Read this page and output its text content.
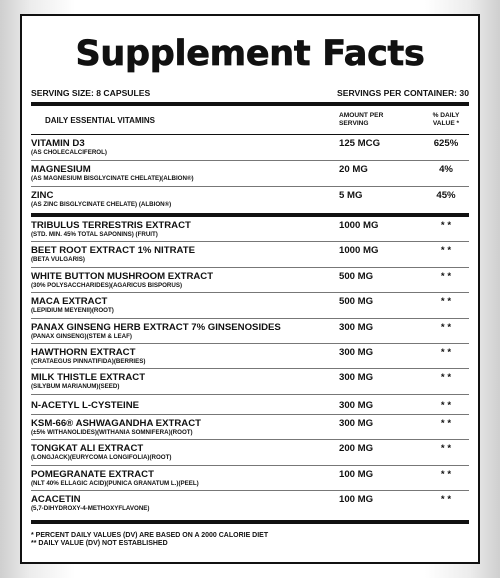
Supplement Facts
SERVING SIZE: 8 CAPSULES	SERVINGS PER CONTAINER: 30
DAILY ESSENTIAL VITAMINS	AMOUNT PER
SERVING
% DAILY
VALUE *
VITAMIN D3
(AS CHOLECALCIFEROL)
125 MCG	625%
MAGNESIUM
(AS MAGNESIUM BISGLYCINATE CHELATE)(ALBION®)
20 MG	4%
ZINC
(AS ZINC BISGLYCINATE CHELATE) (ALBION®)
5 MG	45%
TRIBULUS TERRESTRIS EXTRACT
(STD. MIN. 45% TOTAL SAPONINS) (FRUIT)
1000 MG	* *
BEET ROOT EXTRACT 1% NITRATE
(BETA VULGARIS)
1000 MG	* *
WHITE BUTTON MUSHROOM EXTRACT
(30% POLYSACCHARIDES)(AGARICUS BISPORUS)
500 MG	* *
MACA EXTRACT
(LEPIDIUM MEYENII)(ROOT)
500 MG	* *
PANAX GINSENG HERB EXTRACT 7% GINSENOSIDES
(PANAX GINSENG)(STEM & LEAF)
300 MG	* *
HAWTHORN EXTRACT
(CRATAEGUS PINNATIFIDA)(BERRIES)
300 MG	* *
MILK THISTLE EXTRACT
(SILYBUM MARIANUM)(SEED)
300 MG	* *
N-ACETYL L-CYSTEINE	300 MG	* *
KSM-66® ASHWAGANDHA EXTRACT
(±5% WITHANOLIDES)(WITHANIA SOMNIFERA)(ROOT)
300 MG	* *
TONGKAT ALI EXTRACT
(LONGJACK)(EURYCOMA LONGIFOLIA)(ROOT)
200 MG	* *
POMEGRANATE EXTRACT
(NLT 40% ELLAGIC ACID)(PUNICA GRANATUM L.)(PEEL)
100 MG	* *
ACACETIN
(5,7-DIHYDROXY-4-METHOXYFLAVONE)
100 MG	* *
* PERCENT DAILY VALUES (DV) ARE BASED ON A 2000 CALORIE DIET
** DAILY VALUE (DV) NOT ESTABLISHED
